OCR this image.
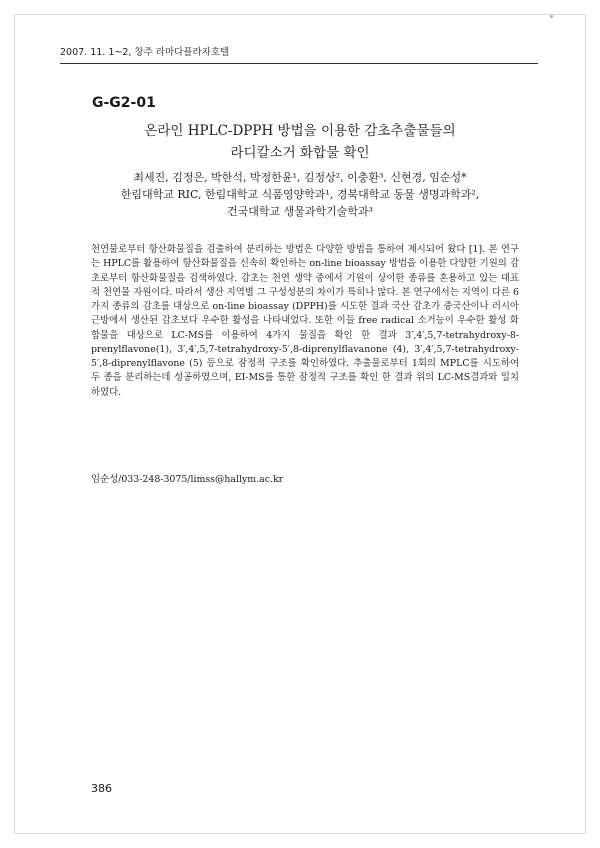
*
2007. 11. 1~2, 창주 라마다플라자호텔
G-G2-01
온라인 HPLC-DPPH 방법을 이용한 감초추출물들의
라디칼소거 화합물 확인
최세진, 김정은, 박한석, 박정한윤¹, 김정상², 이충환³, 신현경, 임순성*
한림대학교 RIC, 한림대학교 식품영양학과¹, 경북대학교 동물 생명과학과²,
건국대학교 생물과학기술학과³

천연물로부터 항산화물질을 검출하여 분리하는 방법은 다양한 방법을 통하여 제시되어 왔다 [1]. 본 연구는 HPLC를 활용하여 항산화물질을 신속히 확인하는 on-line bioassay 방법을 이용한 다양한 기원의 감초로부터 항산화물질을 검색하였다. 감초는 천연 생약 중에서 기원이 상이한 종류를 혼용하고 있는 대표적 천연물 자원이다. 따라서 생산 지역별 그 구성성분의 차이가 특히나 많다. 본 연구에서는 지역이 다른 6가지 종류의 감초를 대상으로 on-line bioassay (DPPH)를 시도한 결과 국산 감초가 중국산이나 러시아 근방에서 생산된 감초보다 우수한 활성을 나타내었다. 또한 이들 free radical 소거능이 우수한 활성 화합물을 대상으로 LC-MS를 이용하여 4가지 물질을 확인 한 결과 3′,4′,5,7-tetrahydroxy-8-prenylflavone(1), 3′,4′,5,7-tetrahydroxy-5′,8-diprenylflavanone (4), 3′,4′,5,7-tetrahydroxy-5′,8-diprenylflavone (5) 등으로 잠정적 구조를 확인하였다. 추출물로부터 1회의 MPLC를 시도하여 두 종을 분리하는데 성공하였으며, EI-MS를 통한 잠정적 구조를 확인 한 결과 위의 LC-MS결과와 일치하였다.

임순성/033-248-3075/limss@hallym.ac.kr
386
